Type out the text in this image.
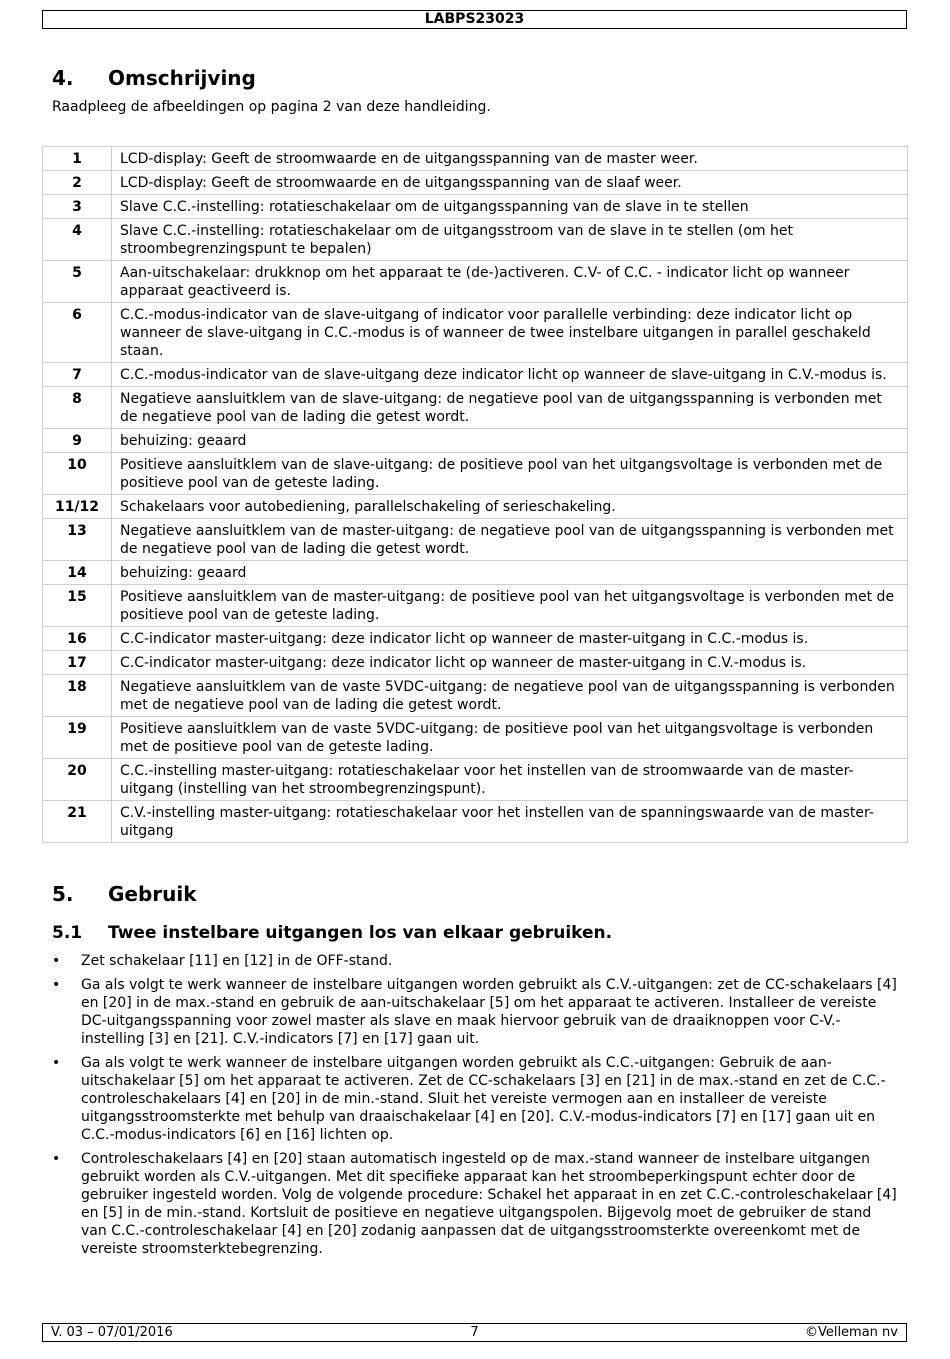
LABPS23023
4. Omschrijving
Raadpleeg de afbeeldingen op pagina 2 van deze handleiding.
1	LCD-display: Geeft de stroomwaarde en de uitgangsspanning van de master weer.
2	LCD-display: Geeft de stroomwaarde en de uitgangsspanning van de slaaf weer.
3	Slave C.C.-instelling: rotatieschakelaar om de uitgangsspanning van de slave in te stellen
4	Slave C.C.-instelling: rotatieschakelaar om de uitgangsstroom van de slave in te stellen (om het stroombegrenzingspunt te bepalen)
5	Aan-uitschakelaar: drukknop om het apparaat te (de-)activeren. C.V- of C.C. - indicator licht op wanneer apparaat geactiveerd is.
6	C.C.-modus-indicator van de slave-uitgang of indicator voor parallelle verbinding: deze indicator licht op wanneer de slave-uitgang in C.C.-modus is of wanneer de twee instelbare uitgangen in parallel geschakeld staan.
7	C.C.-modus-indicator van de slave-uitgang deze indicator licht op wanneer de slave-uitgang in C.V.-modus is.
8	Negatieve aansluitklem van de slave-uitgang: de negatieve pool van de uitgangsspanning is verbonden met de negatieve pool van de lading die getest wordt.
9	behuizing: geaard
10	Positieve aansluitklem van de slave-uitgang: de positieve pool van het uitgangsvoltage is verbonden met de positieve pool van de geteste lading.
11/12	Schakelaars voor autobediening, parallelschakeling of serieschakeling.
13	Negatieve aansluitklem van de master-uitgang: de negatieve pool van de uitgangsspanning is verbonden met de negatieve pool van de lading die getest wordt.
14	behuizing: geaard
15	Positieve aansluitklem van de master-uitgang: de positieve pool van het uitgangsvoltage is verbonden met de positieve pool van de geteste lading.
16	C.C-indicator master-uitgang: deze indicator licht op wanneer de master-uitgang in C.C.-modus is.
17	C.C-indicator master-uitgang: deze indicator licht op wanneer de master-uitgang in C.V.-modus is.
18	Negatieve aansluitklem van de vaste 5VDC-uitgang: de negatieve pool van de uitgangsspanning is verbonden met de negatieve pool van de lading die getest wordt.
19	Positieve aansluitklem van de vaste 5VDC-uitgang: de positieve pool van het uitgangsvoltage is verbonden met de positieve pool van de geteste lading.
20	C.C.-instelling master-uitgang: rotatieschakelaar voor het instellen van de stroomwaarde van de master-uitgang (instelling van het stroombegrenzingspunt).
21	C.V.-instelling master-uitgang: rotatieschakelaar voor het instellen van de spanningswaarde van de master-uitgang
5. Gebruik
5.1 Twee instelbare uitgangen los van elkaar gebruiken.
• Zet schakelaar [11] en [12] in de OFF-stand.
• Ga als volgt te werk wanneer de instelbare uitgangen worden gebruikt als C.V.-uitgangen: zet de CC-schakelaars [4] en [20] in de max.-stand en gebruik de aan-uitschakelaar [5] om het apparaat te activeren. Installeer de vereiste DC-uitgangsspanning voor zowel master als slave en maak hiervoor gebruik van de draaiknoppen voor C-V.-instelling [3] en [21]. C.V.-indicators [7] en [17] gaan uit.
• Ga als volgt te werk wanneer de instelbare uitgangen worden gebruikt als C.C.-uitgangen: Gebruik de aan-uitschakelaar [5] om het apparaat te activeren. Zet de CC-schakelaars [3] en [21] in de max.-stand en zet de C.C.-controleschakelaars [4] en [20] in de min.-stand. Sluit het vereiste vermogen aan en installeer de vereiste uitgangsstroomsterkte met behulp van draaischakelaar [4] en [20]. C.V.-modus-indicators [7] en [17] gaan uit en C.C.-modus-indicators [6] en [16] lichten op.
• Controleschakelaars [4] en [20] staan automatisch ingesteld op de max.-stand wanneer de instelbare uitgangen gebruikt worden als C.V.-uitgangen. Met dit specifieke apparaat kan het stroombeperkingspunt echter door de gebruiker ingesteld worden. Volg de volgende procedure: Schakel het apparaat in en zet C.C.-controleschakelaar [4] en [5] in de min.-stand. Kortsluit de positieve en negatieve uitgangspolen. Bijgevolg moet de gebruiker de stand van C.C.-controleschakelaar [4] en [20] zodanig aanpassen dat de uitgangsstroomsterkte overeenkomt met de vereiste stroomsterktebegrenzing.
V. 03 – 07/01/2016	7	©Velleman nv
